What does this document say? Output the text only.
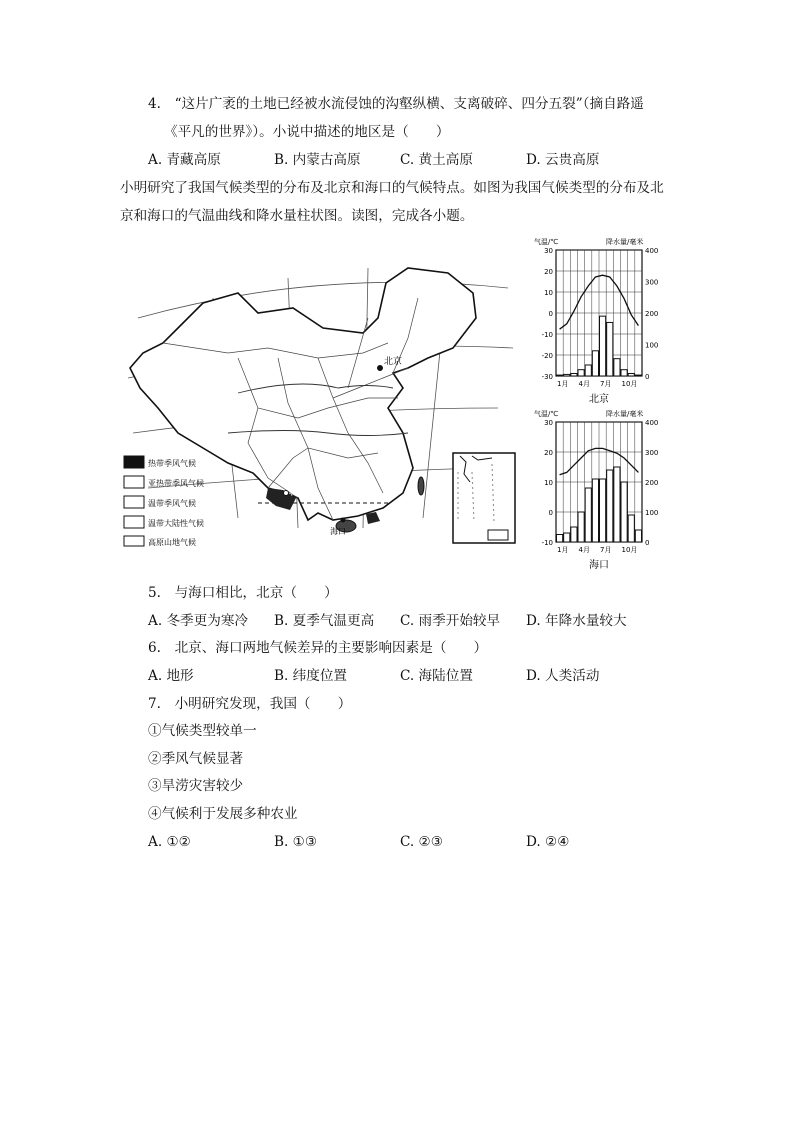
4.　“这片广袤的土地已经被水流侵蚀的沟壑纵横、支离破碎、四分五裂”（摘自路遥
《平凡的世界》）。小说中描述的地区是（　　）
A. 青藏高原	B. 内蒙古高原	C. 黄土高原	D. 云贵高原
小明研究了我国气候类型的分布及北京和海口的气候特点。如图为我国气候类型的分布及北
京和海口的气温曲线和降水量柱状图。读图，完成各小题。
北京
昆明
海口
热带季风气候
亚热带季风气候
温带季风气候
温带大陆性气候
高原山地气候
气温/℃	降水量/毫米
30
20
10
0
-10
-20
-30
400
300
200
100
0
1月 4月 7月 10月
北京
气温/℃	降水量/毫米
30
20
10
0
-10
400
300
200
100
0
1月 4月 7月 10月
海口
5.　与海口相比，北京（　　）
A. 冬季更为寒冷 B. 夏季气温更高 C. 雨季开始较早 D. 年降水量较大
6.　北京、海口两地气候差异的主要影响因素是（　　）
A. 地形	B. 纬度位置	C. 海陆位置	D. 人类活动
7.　小明研究发现，我国（　　）
①气候类型较单一
②季风气候显著
③旱涝灾害较少
④气候利于发展多种农业
A. ①②	B. ①③	C. ②③	D. ②④
